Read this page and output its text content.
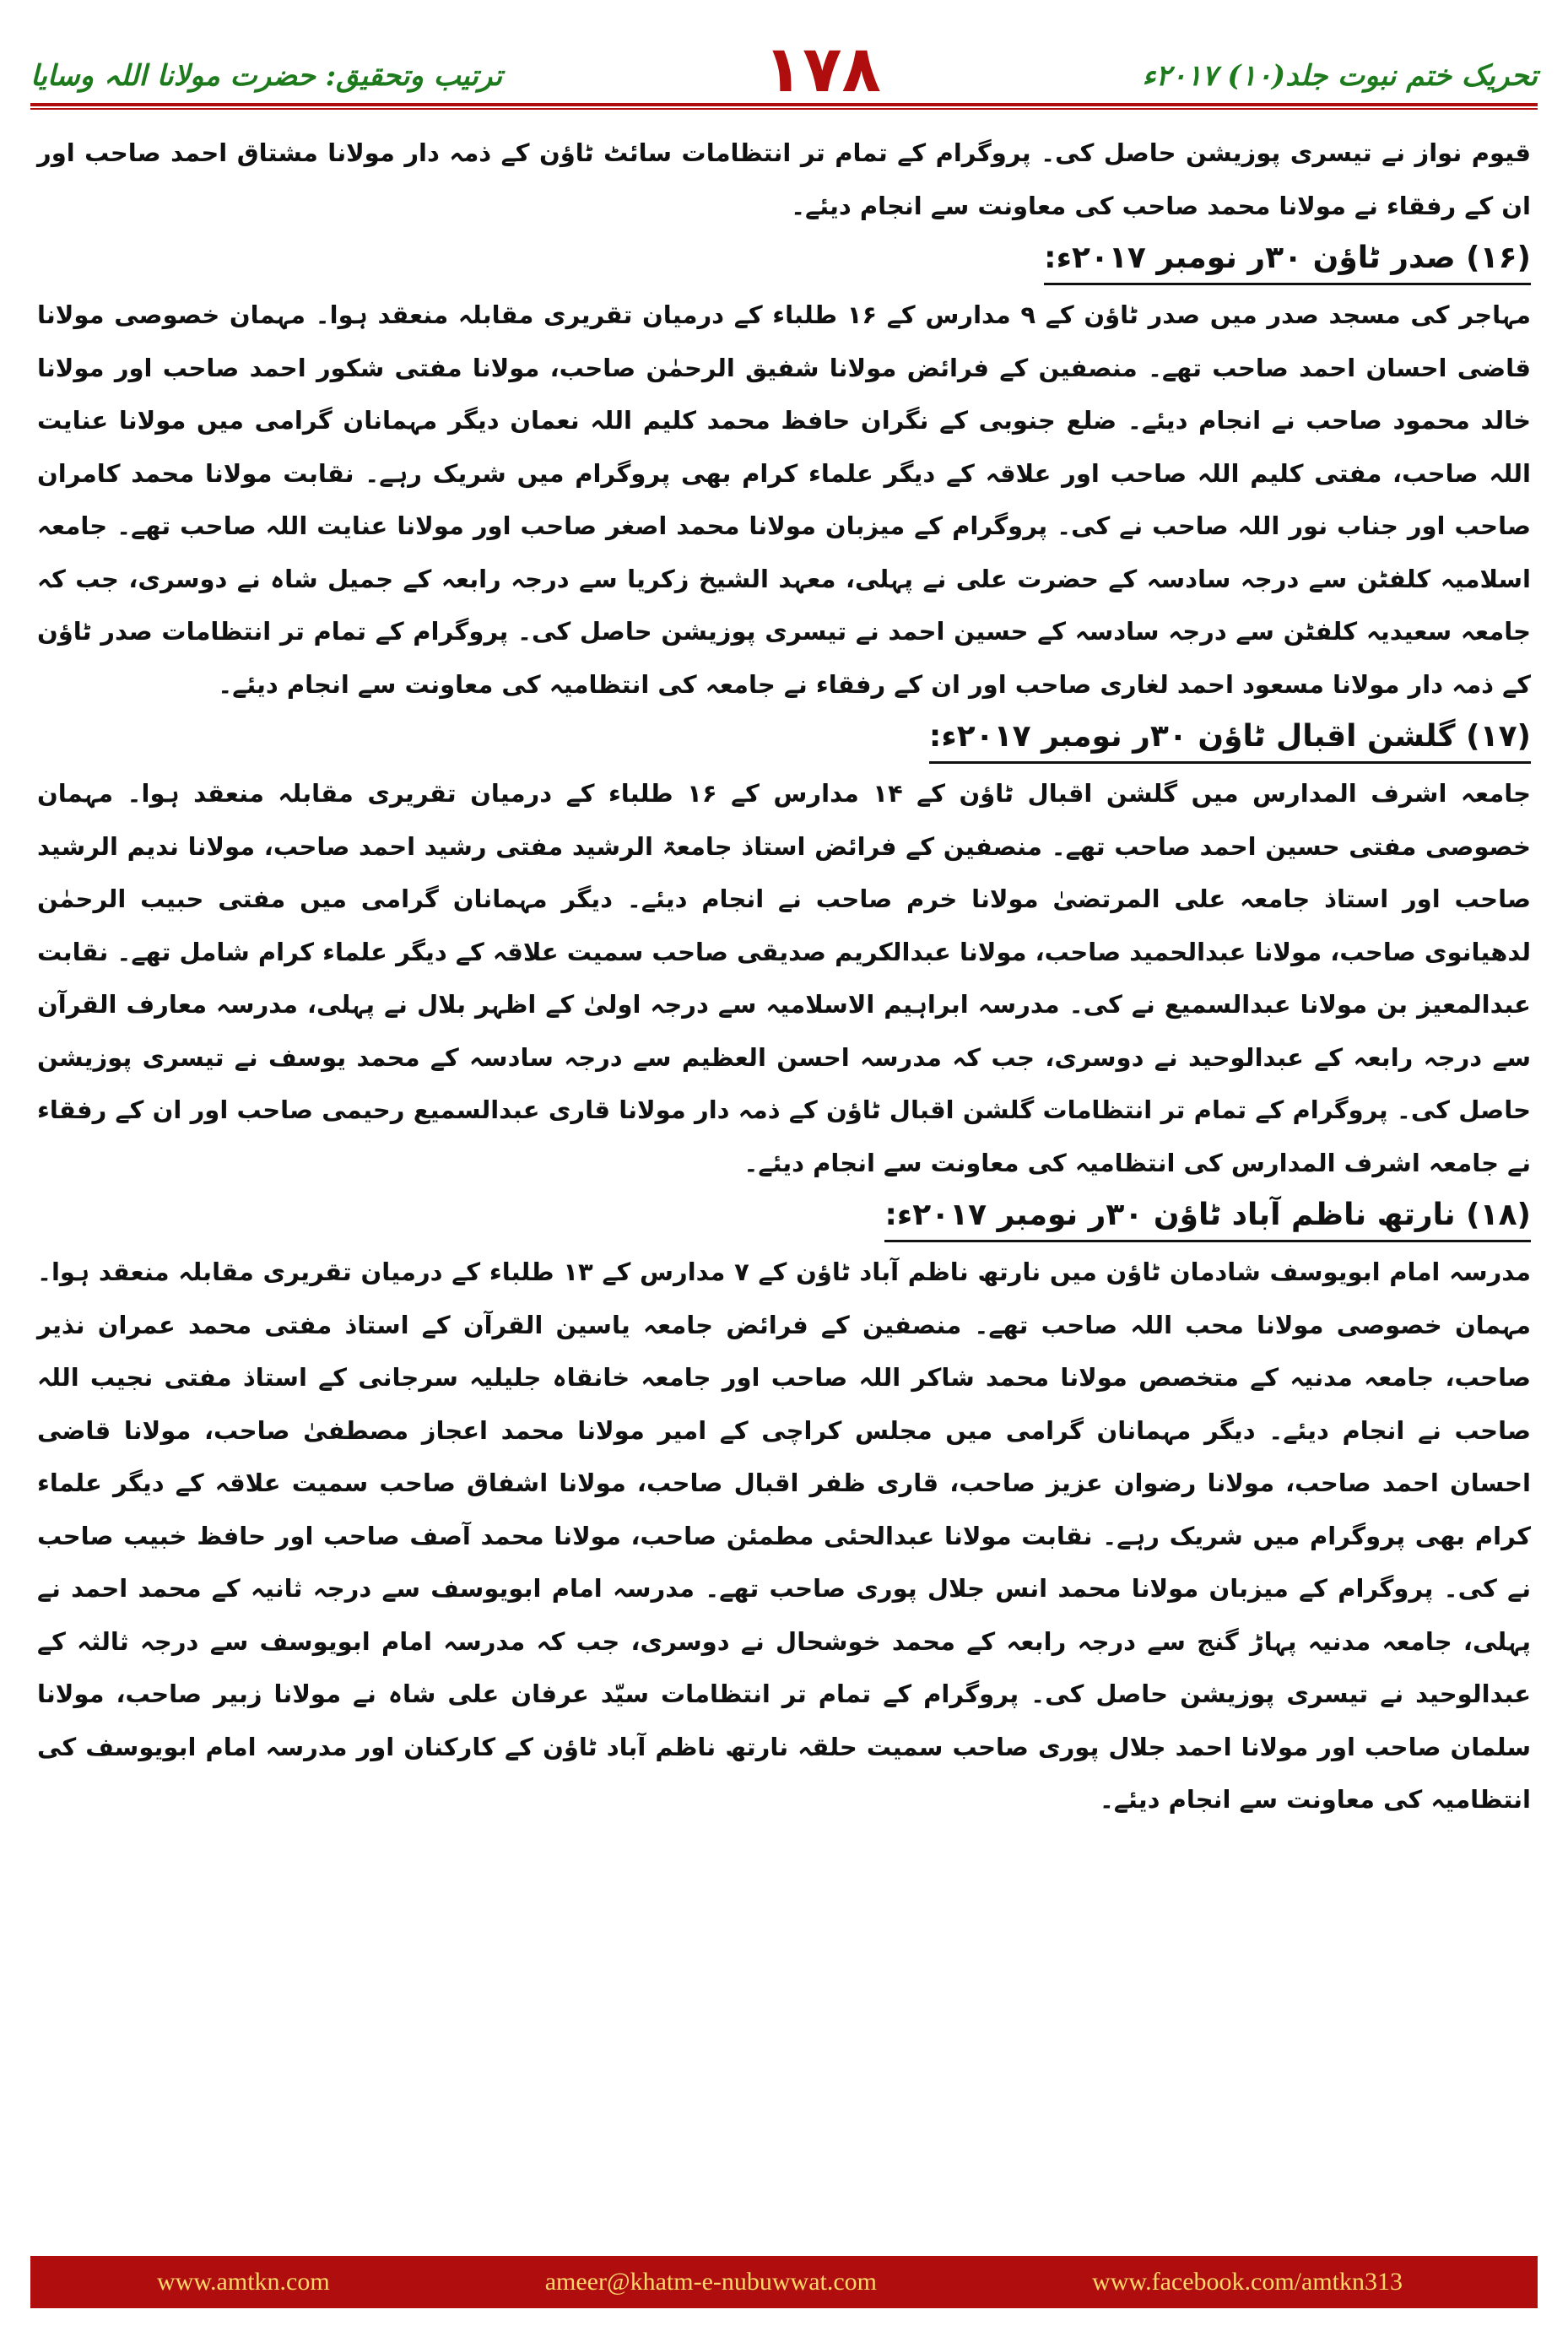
ترتیب وتحقیق: حضرت مولانا اللہ وسایا	۱۷۸	تحریک ختم نبوت جلد(۱۰) ۲۰۱۷ء

قیوم نواز نے تیسری پوزیشن حاصل کی۔ پروگرام کے تمام تر انتظامات سائٹ ٹاؤن کے ذمہ دار مولانا مشتاق احمد صاحب اور ان کے رفقاء نے مولانا محمد صاحب کی معاونت سے انجام دیئے۔

(۱۶) صدر ٹاؤن ۳۰ر نومبر ۲۰۱۷ء:

مہاجر کی مسجد صدر میں صدر ٹاؤن کے ۹ مدارس کے ۱۶ طلباء کے درمیان تقریری مقابلہ منعقد ہوا۔ مہمان خصوصی مولانا قاضی احسان احمد صاحب تھے۔ منصفین کے فرائض مولانا شفیق الرحمٰن صاحب، مولانا مفتی شکور احمد صاحب اور مولانا خالد محمود صاحب نے انجام دیئے۔ ضلع جنوبی کے نگران حافظ محمد کلیم اللہ نعمان دیگر مہمانان گرامی میں مولانا عنایت اللہ صاحب، مفتی کلیم اللہ صاحب اور علاقہ کے دیگر علماء کرام بھی پروگرام میں شریک رہے۔ نقابت مولانا محمد کامران صاحب اور جناب نور اللہ صاحب نے کی۔ پروگرام کے میزبان مولانا محمد اصغر صاحب اور مولانا عنایت اللہ صاحب تھے۔ جامعہ اسلامیہ کلفٹن سے درجہ سادسہ کے حضرت علی نے پہلی، معہد الشیخ زکریا سے درجہ رابعہ کے جمیل شاہ نے دوسری، جب کہ جامعہ سعیدیہ کلفٹن سے درجہ سادسہ کے حسین احمد نے تیسری پوزیشن حاصل کی۔ پروگرام کے تمام تر انتظامات صدر ٹاؤن کے ذمہ دار مولانا مسعود احمد لغاری صاحب اور ان کے رفقاء نے جامعہ کی انتظامیہ کی معاونت سے انجام دیئے۔

(۱۷) گلشن اقبال ٹاؤن ۳۰ر نومبر ۲۰۱۷ء:

جامعہ اشرف المدارس میں گلشن اقبال ٹاؤن کے ۱۴ مدارس کے ۱۶ طلباء کے درمیان تقریری مقابلہ منعقد ہوا۔ مہمان خصوصی مفتی حسین احمد صاحب تھے۔ منصفین کے فرائض استاذ جامعۃ الرشید مفتی رشید احمد صاحب، مولانا ندیم الرشید صاحب اور استاذ جامعہ علی المرتضیٰ مولانا خرم صاحب نے انجام دیئے۔ دیگر مہمانان گرامی میں مفتی حبیب الرحمٰن لدھیانوی صاحب، مولانا عبدالحمید صاحب، مولانا عبدالکریم صدیقی صاحب سمیت علاقہ کے دیگر علماء کرام شامل تھے۔ نقابت عبدالمعیز بن مولانا عبدالسمیع نے کی۔ مدرسہ ابراہیم الاسلامیہ سے درجہ اولیٰ کے اظہر بلال نے پہلی، مدرسہ معارف القرآن سے درجہ رابعہ کے عبدالوحید نے دوسری، جب کہ مدرسہ احسن العظیم سے درجہ سادسہ کے محمد یوسف نے تیسری پوزیشن حاصل کی۔ پروگرام کے تمام تر انتظامات گلشن اقبال ٹاؤن کے ذمہ دار مولانا قاری عبدالسمیع رحیمی صاحب اور ان کے رفقاء نے جامعہ اشرف المدارس کی انتظامیہ کی معاونت سے انجام دیئے۔

(۱۸) نارتھ ناظم آباد ٹاؤن ۳۰ر نومبر ۲۰۱۷ء:

مدرسہ امام ابویوسف شادمان ٹاؤن میں نارتھ ناظم آباد ٹاؤن کے ۷ مدارس کے ۱۳ طلباء کے درمیان تقریری مقابلہ منعقد ہوا۔ مہمان خصوصی مولانا محب اللہ صاحب تھے۔ منصفین کے فرائض جامعہ یاسین القرآن کے استاذ مفتی محمد عمران نذیر صاحب، جامعہ مدنیہ کے متخصص مولانا محمد شاکر اللہ صاحب اور جامعہ خانقاہ جلیلیہ سرجانی کے استاذ مفتی نجیب اللہ صاحب نے انجام دیئے۔ دیگر مہمانان گرامی میں مجلس کراچی کے امیر مولانا محمد اعجاز مصطفیٰ صاحب، مولانا قاضی احسان احمد صاحب، مولانا رضوان عزیز صاحب، قاری ظفر اقبال صاحب، مولانا اشفاق صاحب سمیت علاقہ کے دیگر علماء کرام بھی پروگرام میں شریک رہے۔ نقابت مولانا عبدالحئی مطمئن صاحب، مولانا محمد آصف صاحب اور حافظ خبیب صاحب نے کی۔ پروگرام کے میزبان مولانا محمد انس جلال پوری صاحب تھے۔ مدرسہ امام ابویوسف سے درجہ ثانیہ کے محمد احمد نے پہلی، جامعہ مدنیہ پہاڑ گنج سے درجہ رابعہ کے محمد خوشحال نے دوسری، جب کہ مدرسہ امام ابویوسف سے درجہ ثالثہ کے عبدالوحید نے تیسری پوزیشن حاصل کی۔ پروگرام کے تمام تر انتظامات سیّد عرفان علی شاہ نے مولانا زبیر صاحب، مولانا سلمان صاحب اور مولانا احمد جلال پوری صاحب سمیت حلقہ نارتھ ناظم آباد ٹاؤن کے کارکنان اور مدرسہ امام ابویوسف کی انتظامیہ کی معاونت سے انجام دیئے۔

www.amtkn.com	ameer@khatm-e-nubuwwat.com	www.facebook.com/amtkn313
